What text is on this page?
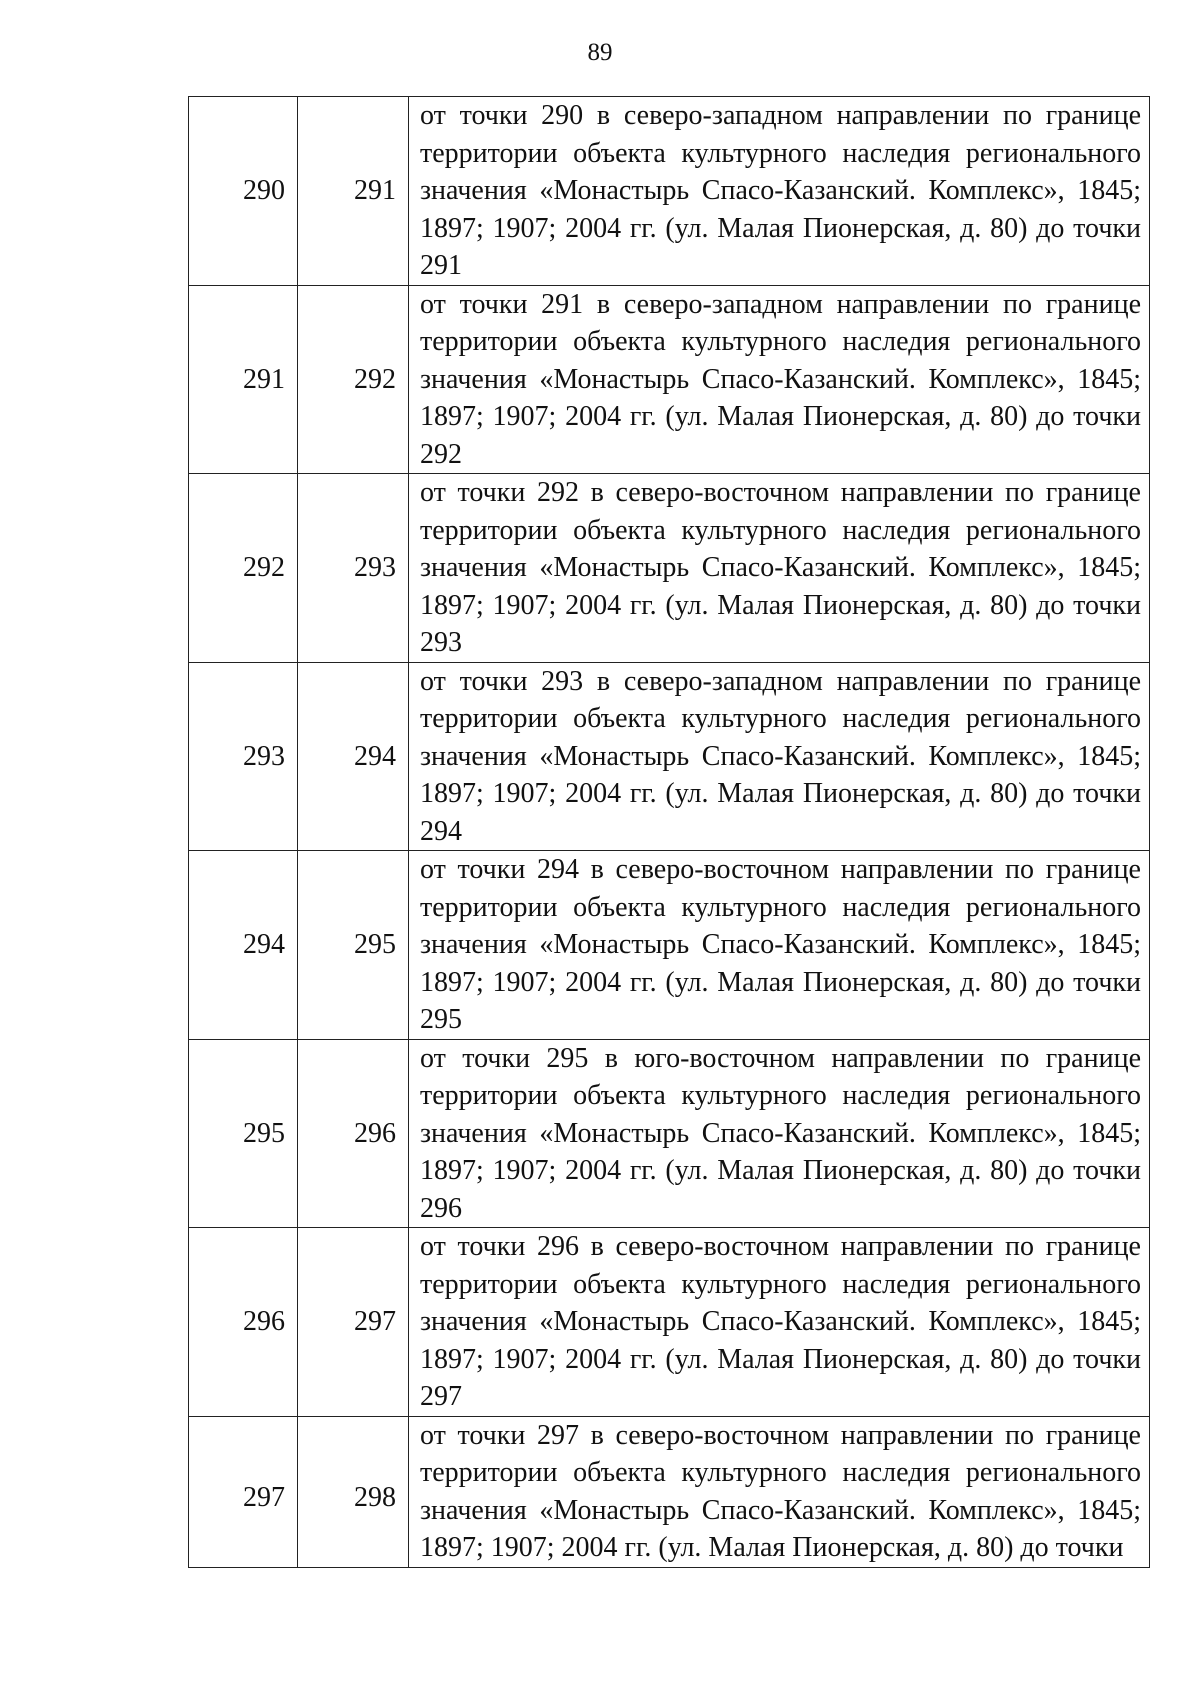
89
290	291	от точки 290 в северо-западном направлении по границе территории объекта культурного наследия регионального значения «Монастырь Спасо-Казанский. Комплекс», 1845; 1897; 1907; 2004 гг. (ул. Малая Пионерская, д. 80) до точки 291
291	292	от точки 291 в северо-западном направлении по границе территории объекта культурного наследия регионального значения «Монастырь Спасо-Казанский. Комплекс», 1845; 1897; 1907; 2004 гг. (ул. Малая Пионерская, д. 80) до точки 292
292	293	от точки 292 в северо-восточном направлении по границе территории объекта культурного наследия регионального значения «Монастырь Спасо-Казанский. Комплекс», 1845; 1897; 1907; 2004 гг. (ул. Малая Пионерская, д. 80) до точки 293
293	294	от точки 293 в северо-западном направлении по границе территории объекта культурного наследия регионального значения «Монастырь Спасо-Казанский. Комплекс», 1845; 1897; 1907; 2004 гг. (ул. Малая Пионерская, д. 80) до точки 294
294	295	от точки 294 в северо-восточном направлении по границе территории объекта культурного наследия регионального значения «Монастырь Спасо-Казанский. Комплекс», 1845; 1897; 1907; 2004 гг. (ул. Малая Пионерская, д. 80) до точки 295
295	296	от точки 295 в юго-восточном направлении по границе территории объекта культурного наследия регионального значения «Монастырь Спасо-Казанский. Комплекс», 1845; 1897; 1907; 2004 гг. (ул. Малая Пионерская, д. 80) до точки 296
296	297	от точки 296 в северо-восточном направлении по границе территории объекта культурного наследия регионального значения «Монастырь Спасо-Казанский. Комплекс», 1845; 1897; 1907; 2004 гг. (ул. Малая Пионерская, д. 80) до точки 297
297	298	от точки 297 в северо-восточном направлении по границе территории объекта культурного наследия регионального значения «Монастырь Спасо-Казанский. Комплекс», 1845; 1897; 1907; 2004 гг. (ул. Малая Пионерская, д. 80) до точки
